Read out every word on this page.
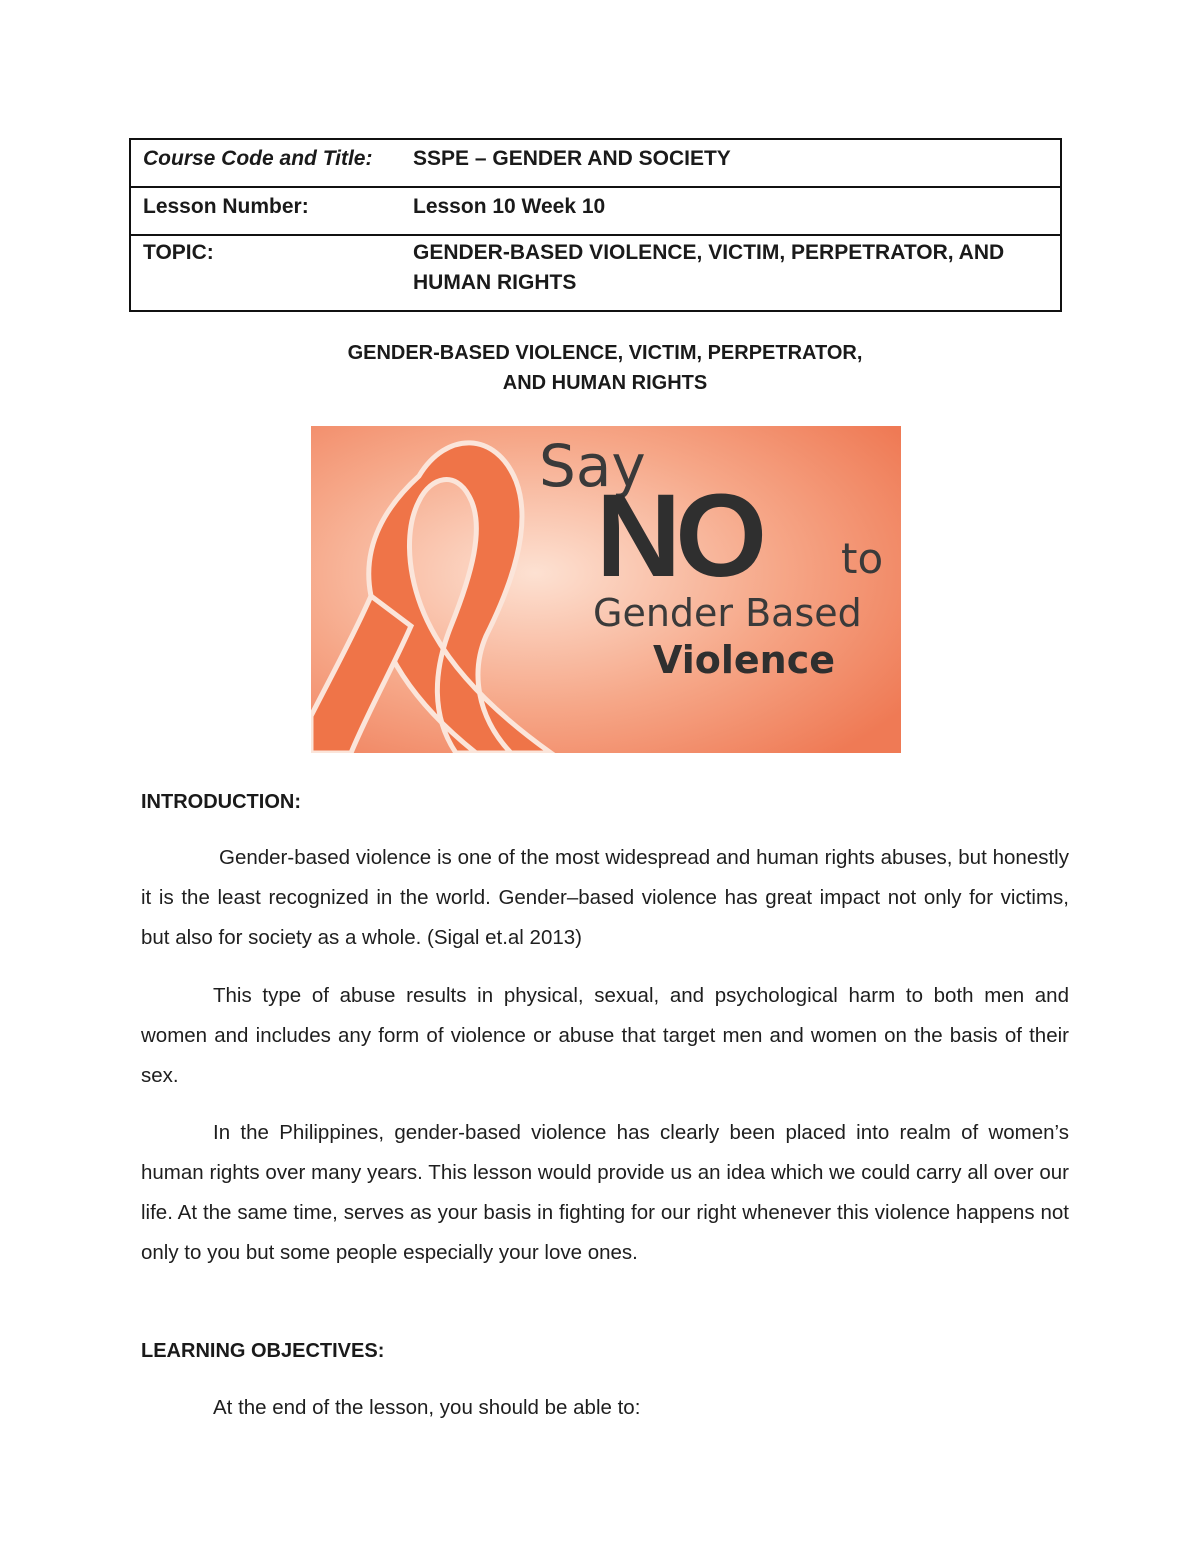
Course Code and Title:	SSPE – GENDER AND SOCIETY
Lesson Number:	Lesson 10 Week 10
TOPIC:	GENDER-BASED VIOLENCE, VICTIM, PERPETRATOR, AND HUMAN RIGHTS
GENDER-BASED VIOLENCE, VICTIM, PERPETRATOR,
AND HUMAN RIGHTS
Say
NO to
Gender Based
Violence
INTRODUCTION:

Gender-based violence is one of the most widespread and human rights abuses, but honestly it is the least recognized in the world. Gender–based violence has great impact not only for victims, but also for society as a whole. (Sigal et.al 2013)

This type of abuse results in physical, sexual, and psychological harm to both men and women and includes any form of violence or abuse that target men and women on the basis of their sex.

In the Philippines, gender-based violence has clearly been placed into realm of women’s human rights over many years. This lesson would provide us an idea which we could carry all over our life. At the same time, serves as your basis in fighting for our right whenever this violence happens not only to you but some people especially your love ones.

LEARNING OBJECTIVES:

At the end of the lesson, you should be able to:
